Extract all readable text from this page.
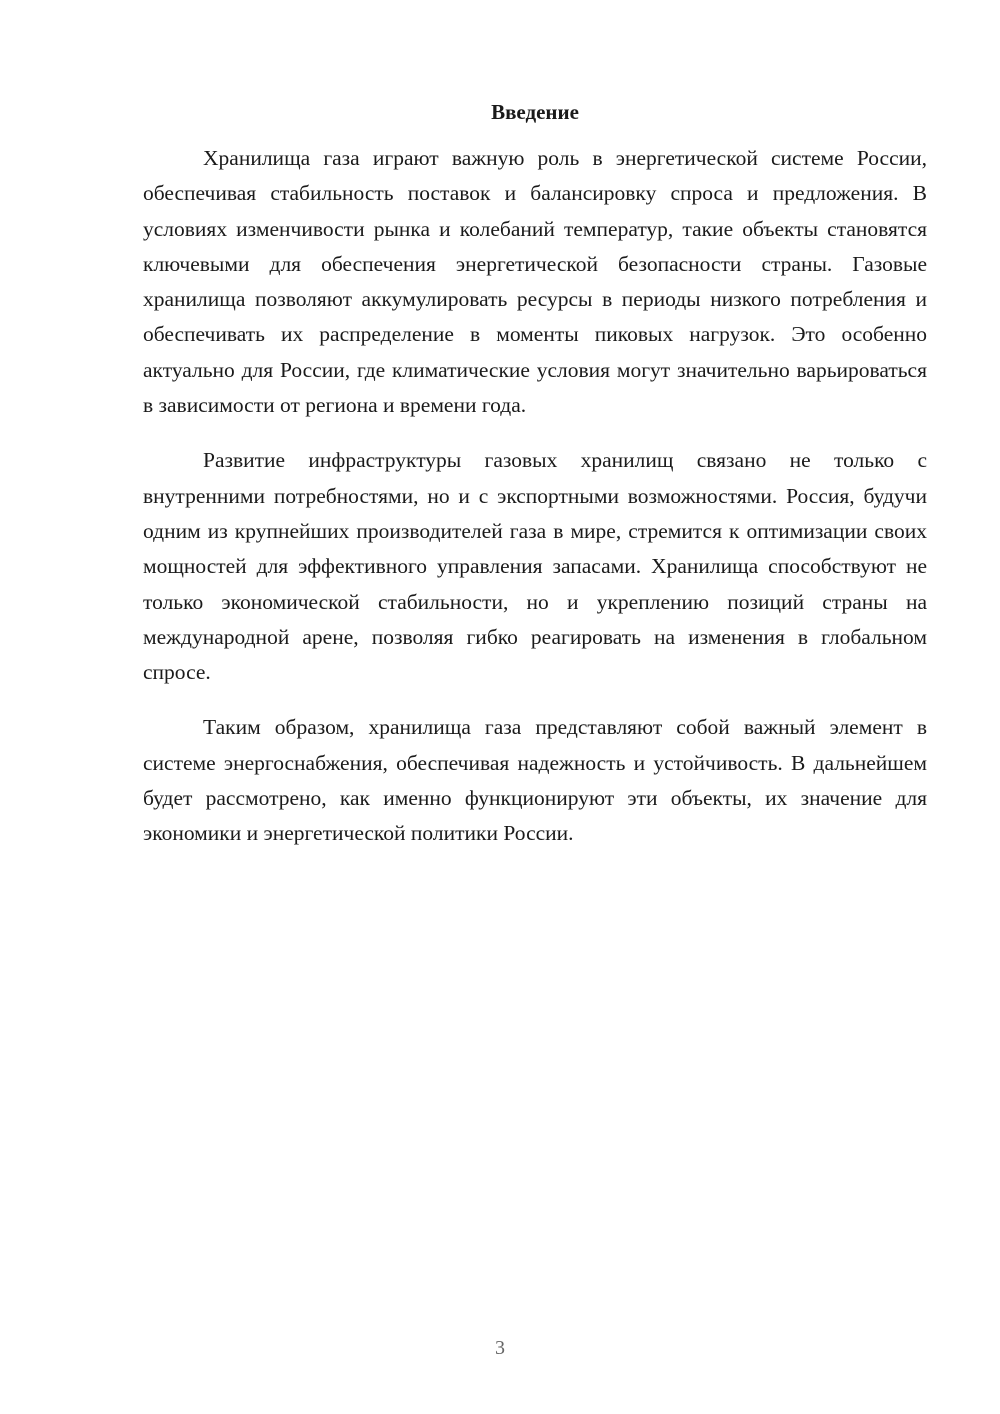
Введение

Хранилища газа играют важную роль в энергетической системе России, обеспечивая стабильность поставок и балансировку спроса и предложения. В условиях изменчивости рынка и колебаний температур, такие объекты становятся ключевыми для обеспечения энергетической безопасности страны. Газовые хранилища позволяют аккумулировать ресурсы в периоды низкого потребления и обеспечивать их распределение в моменты пиковых нагрузок. Это особенно актуально для России, где климатические условия могут значительно варьироваться в зависимости от региона и времени года.

Развитие инфраструктуры газовых хранилищ связано не только с внутренними потребностями, но и с экспортными возможностями. Россия, будучи одним из крупнейших производителей газа в мире, стремится к оптимизации своих мощностей для эффективного управления запасами. Хранилища способствуют не только экономической стабильности, но и укреплению позиций страны на международной арене, позволяя гибко реагировать на изменения в глобальном спросе.

Таким образом, хранилища газа представляют собой важный элемент в системе энергоснабжения, обеспечивая надежность и устойчивость. В дальнейшем будет рассмотрено, как именно функционируют эти объекты, их значение для экономики и энергетической политики России.

3
